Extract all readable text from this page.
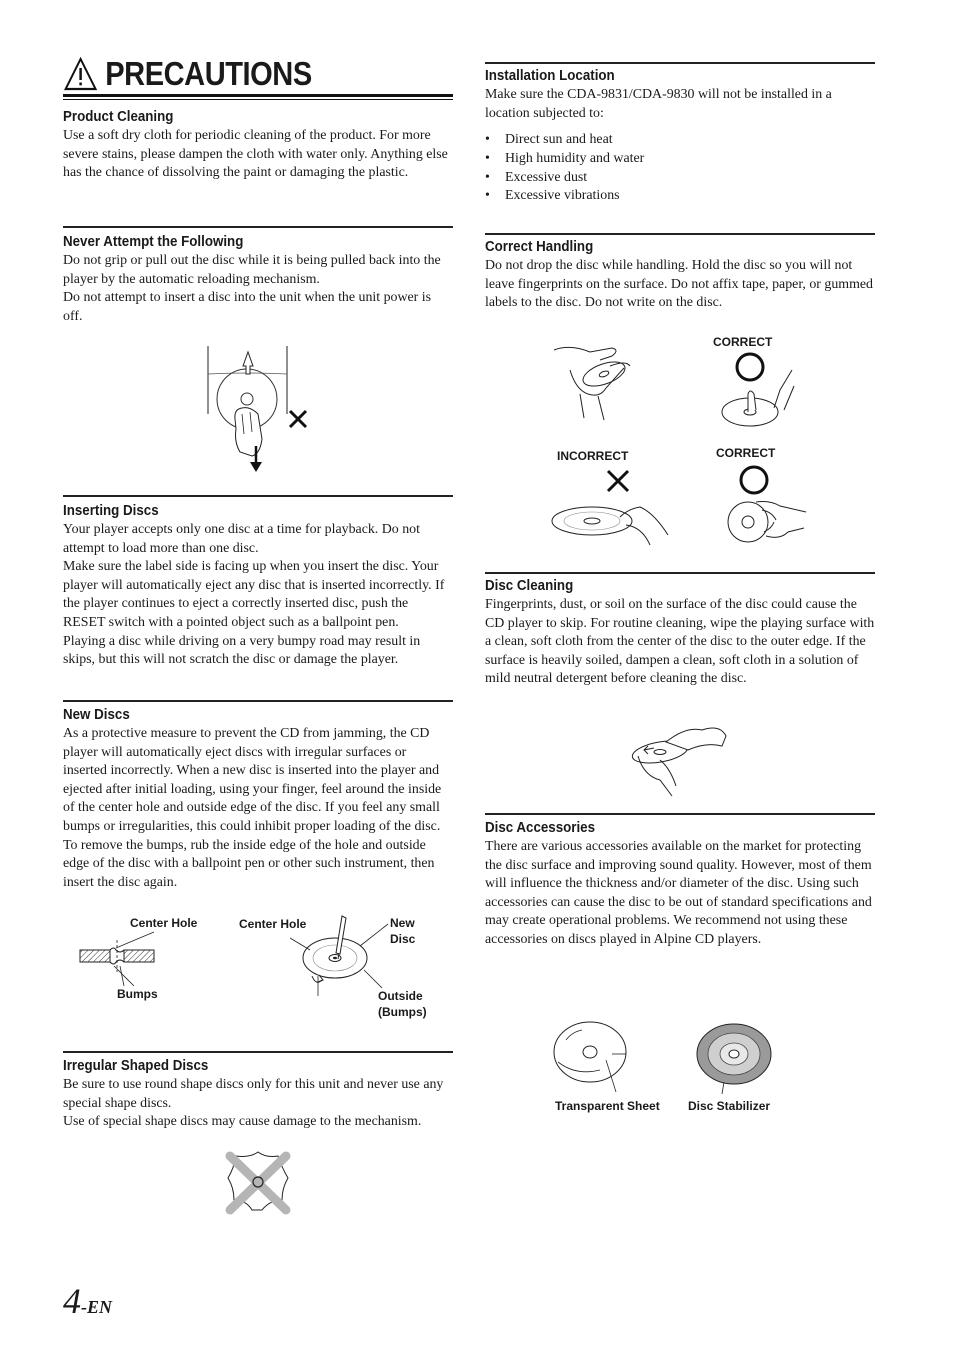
PRECAUTIONS
Product Cleaning

Use a soft dry cloth for periodic cleaning of the product. For more severe stains, please dampen the cloth with water only. Anything else has the chance of dissolving the paint or damaging the plastic.

Never Attempt the Following

Do not grip or pull out the disc while it is being pulled back into the player by the automatic reloading mechanism.

Do not attempt to insert a disc into the unit when the unit power is off.

Inserting Discs

Your player accepts only one disc at a time for playback. Do not attempt to load more than one disc.

Make sure the label side is facing up when you insert the disc. Your player will automatically eject any disc that is inserted incorrectly. If the player continues to eject a correctly inserted disc, push the RESET switch with a pointed object such as a ballpoint pen.

Playing a disc while driving on a very bumpy road may result in skips, but this will not scratch the disc or damage the player.

New Discs

As a protective measure to prevent the CD from jamming, the CD player will automatically eject discs with irregular surfaces or inserted incorrectly. When a new disc is inserted into the player and ejected after initial loading, using your finger, feel around the inside of the center hole and outside edge of the disc. If you feel any small bumps or irregularities, this could inhibit proper loading of the disc. To remove the bumps, rub the inside edge of the hole and outside edge of the disc with a ballpoint pen or other such instrument, then insert the disc again.

Center Hole
Bumps
Center Hole	New Disc
Outside
(Bumps)
Irregular Shaped Discs

Be sure to use round shape discs only for this unit and never use any special shape discs.

Use of special shape discs may cause damage to the mechanism.

Installation Location

Make sure the CDA-9831/CDA-9830 will not be installed in a location subjected to:

• Direct sun and heat
• High humidity and water
• Excessive dust
• Excessive vibrations
Correct Handling

Do not drop the disc while handling. Hold the disc so you will not leave fingerprints on the surface. Do not affix tape, paper, or gummed labels to the disc. Do not write on the disc.

CORRECT
INCORRECT	CORRECT
Disc Cleaning

Fingerprints, dust, or soil on the surface of the disc could cause the CD player to skip. For routine cleaning, wipe the playing surface with a clean, soft cloth from the center of the disc to the outer edge. If the surface is heavily soiled, dampen a clean, soft cloth in a solution of mild neutral detergent before cleaning the disc.

Disc Accessories

There are various accessories available on the market for protecting the disc surface and improving sound quality. However, most of them will influence the thickness and/or diameter of the disc. Using such accessories can cause the disc to be out of standard specifications and may create operational problems. We recommend not using these accessories on discs played in Alpine CD players.

Transparent Sheet Disc Stabilizer
4 -EN
